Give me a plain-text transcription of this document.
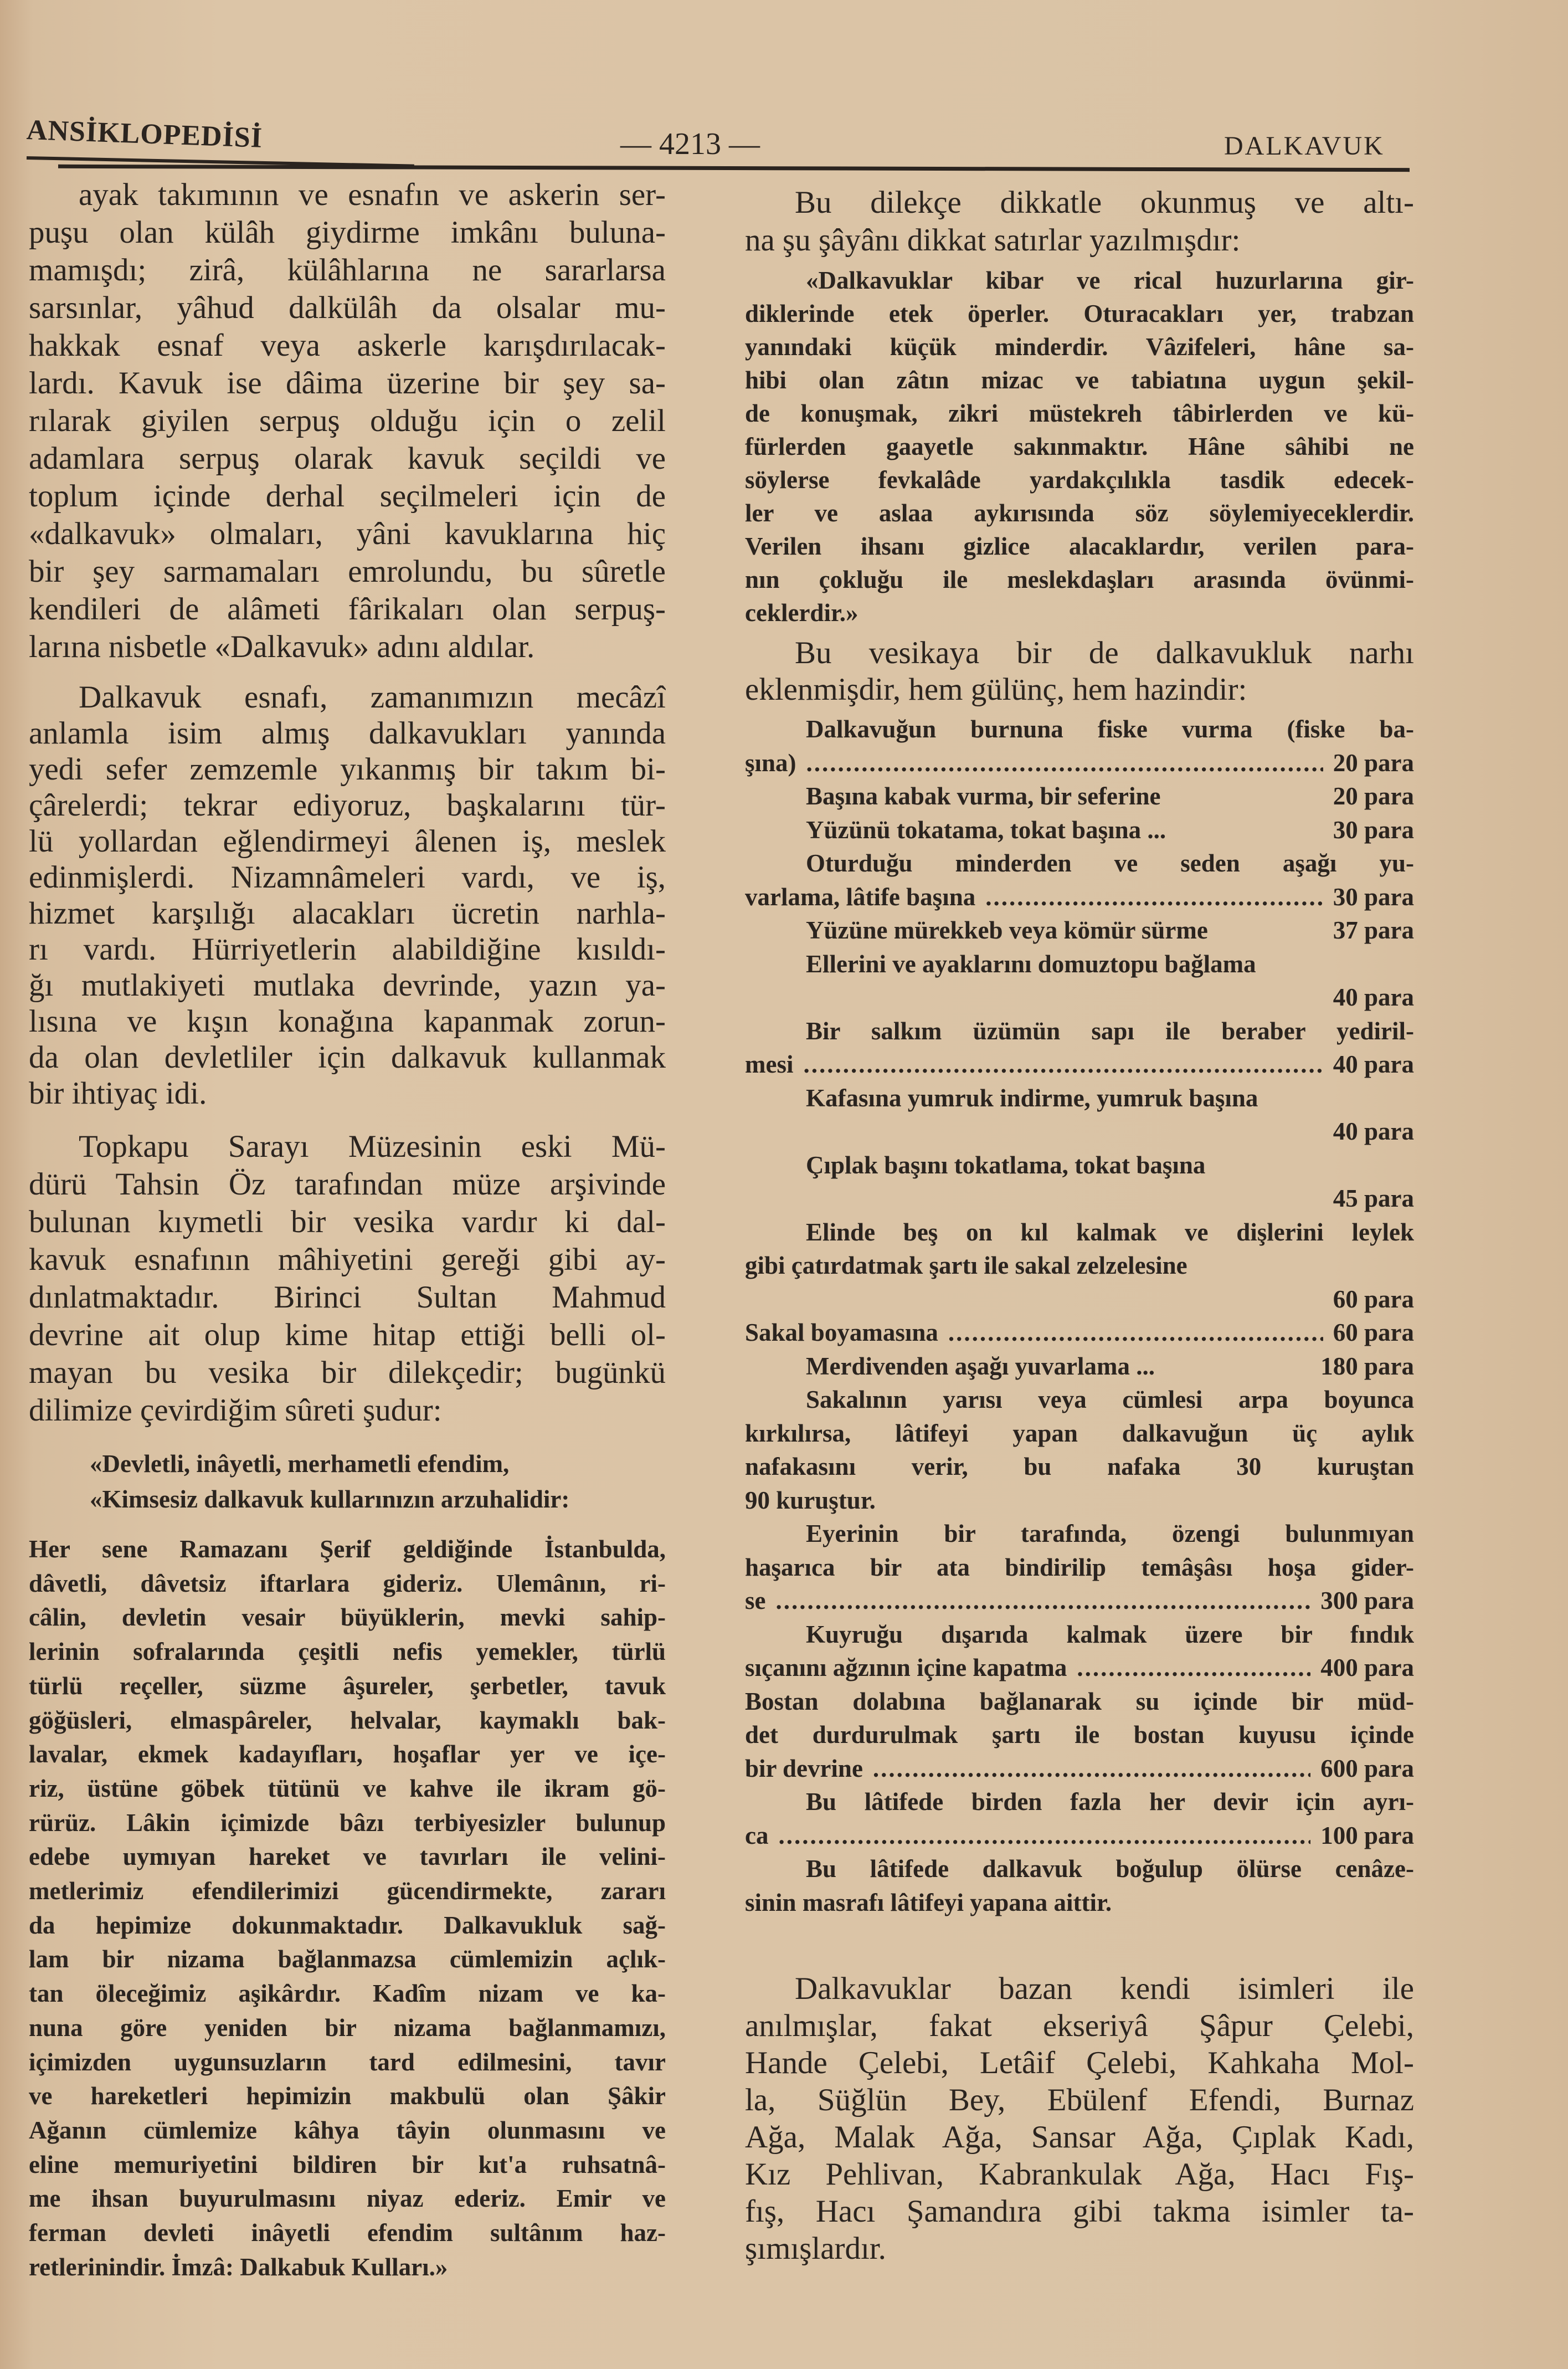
ANSİKLOPEDİSİ	— 4213 —	DALKAVUK
ayak takımının ve esnafın ve askerin ser-
puşu olan külâh giydirme imkânı buluna-
mamışdı; zirâ, külâhlarına ne sararlarsa
sarsınlar, yâhud dalkülâh da olsalar mu-
hakkak esnaf veya askerle karışdırılacak-
lardı. Kavuk ise dâima üzerine bir şey sa-
rılarak giyilen serpuş olduğu için o zelil
adamlara serpuş olarak kavuk seçildi ve
toplum içinde derhal seçilmeleri için de
«dalkavuk» olmaları, yâni kavuklarına hiç
bir şey sarmamaları emrolundu, bu sûretle
kendileri de alâmeti fârikaları olan serpuş-
larına nisbetle «Dalkavuk» adını aldılar.
Dalkavuk esnafı, zamanımızın mecâzî
anlamla isim almış dalkavukları yanında
yedi sefer zemzemle yıkanmış bir takım bi-
çârelerdi; tekrar ediyoruz, başkalarını tür-
lü yollardan eğlendirmeyi âlenen iş, meslek
edinmişlerdi. Nizamnâmeleri vardı, ve iş,
hizmet karşılığı alacakları ücretin narhla-
rı vardı. Hürriyetlerin alabildiğine kısıldı-
ğı mutlakiyeti mutlaka devrinde, yazın ya-
lısına ve kışın konağına kapanmak zorun-
da olan devletliler için dalkavuk kullanmak
bir ihtiyaç idi.
Topkapu Sarayı Müzesinin eski Mü-
dürü Tahsin Öz tarafından müze arşivinde
bulunan kıymetli bir vesika vardır ki dal-
kavuk esnafının mâhiyetini gereği gibi ay-
dınlatmaktadır. Birinci Sultan Mahmud
devrine ait olup kime hitap ettiği belli ol-
mayan bu vesika bir dilekçedir; bugünkü
dilimize çevirdiğim sûreti şudur:
«Devletli, inâyetli, merhametli efendim,
«Kimsesiz dalkavuk kullarınızın arzuhalidir:
Her sene Ramazanı Şerif geldiğinde İstanbulda,
dâvetli, dâvetsiz iftarlara gideriz. Ulemânın, ri-
câlin, devletin vesair büyüklerin, mevki sahip-
lerinin sofralarında çeşitli nefis yemekler, türlü
türlü reçeller, süzme âşureler, şerbetler, tavuk
göğüsleri, elmaspâreler, helvalar, kaymaklı bak-
lavalar, ekmek kadayıfları, hoşaflar yer ve içe-
riz, üstüne göbek tütünü ve kahve ile ikram gö-
rürüz. Lâkin içimizde bâzı terbiyesizler bulunup
edebe uymıyan hareket ve tavırları ile velini-
metlerimiz efendilerimizi gücendirmekte, zararı
da hepimize dokunmaktadır. Dalkavukluk sağ-
lam bir nizama bağlanmazsa cümlemizin açlık-
tan öleceğimiz aşikârdır. Kadîm nizam ve ka-
nuna göre yeniden bir nizama bağlanmamızı,
içimizden uygunsuzların tard edilmesini, tavır
ve hareketleri hepimizin makbulü olan Şâkir
Ağanın cümlemize kâhya tâyin olunmasını ve
eline memuriyetini bildiren bir kıt'a ruhsatnâ-
me ihsan buyurulmasını niyaz ederiz. Emir ve
ferman devleti inâyetli efendim sultânım haz-
retlerinindir. İmzâ: Dalkabuk Kulları.»
Bu dilekçe dikkatle okunmuş ve altı-
na şu şâyânı dikkat satırlar yazılmışdır:
«Dalkavuklar kibar ve rical huzurlarına gir-
diklerinde etek öperler. Oturacakları yer, trabzan
yanındaki küçük minderdir. Vâzifeleri, hâne sa-
hibi olan zâtın mizac ve tabiatına uygun şekil-
de konuşmak, zikri müstekreh tâbirlerden ve kü-
fürlerden gaayetle sakınmaktır. Hâne sâhibi ne
söylerse fevkalâde yardakçılıkla tasdik edecek-
ler ve aslaa aykırısında söz söylemiyeceklerdir.
Verilen ihsanı gizlice alacaklardır, verilen para-
nın çokluğu ile meslekdaşları arasında övünmi-
ceklerdir.»
Bu vesikaya bir de dalkavukluk narhı
eklenmişdir, hem gülünç, hem hazindir:
Dalkavuğun burnuna fiske vurma (fiske ba-
şına) .....	20 para
Başına kabak vurma, bir seferine	20 para
Yüzünü tokatama, tokat başına ...	30 para
Oturduğu minderden ve seden aşağı yu-
varlama, lâtife başına .....	30 para
Yüzüne mürekkeb veya kömür sürme	37 para
Ellerini ve ayaklarını domuztopu bağlama
40 para
Bir salkım üzümün sapı ile beraber yediril-
mesi .....	40 para
Kafasına yumruk indirme, yumruk başına
40 para
Çıplak başını tokatlama, tokat başına
45 para
Elinde beş on kıl kalmak ve dişlerini leylek
gibi çatırdatmak şartı ile sakal zelzelesine
60 para
Sakal boyamasına .....	60 para
Merdivenden aşağı yuvarlama ...	180 para
Sakalının yarısı veya cümlesi arpa boyunca
kırkılırsa, lâtifeyi yapan dalkavuğun üç aylık
nafakasını verir, bu nafaka 30 kuruştan
90 kuruştur.
Eyerinin bir tarafında, özengi bulunmıyan
haşarıca bir ata bindirilip temâşâsı hoşa gider-
se .....	300 para
Kuyruğu dışarıda kalmak üzere bir fındık
sıçanını ağzının içine kapatma .....	400 para
Bostan dolabına bağlanarak su içinde bir müd-
det durdurulmak şartı ile bostan kuyusu içinde
bir devrine .....	600 para
Bu lâtifede birden fazla her devir için ayrı-
ca .....	100 para
Bu lâtifede dalkavuk boğulup ölürse cenâze-
sinin masrafı lâtifeyi yapana aittir.
Dalkavuklar bazan kendi isimleri ile
anılmışlar, fakat ekseriyâ Şâpur Çelebi,
Hande Çelebi, Letâif Çelebi, Kahkaha Mol-
la, Süğlün Bey, Ebülenf Efendi, Burnaz
Ağa, Malak Ağa, Sansar Ağa, Çıplak Kadı,
Kız Pehlivan, Kabrankulak Ağa, Hacı Fış-
fış, Hacı Şamandıra gibi takma isimler ta-
şımışlardır.
